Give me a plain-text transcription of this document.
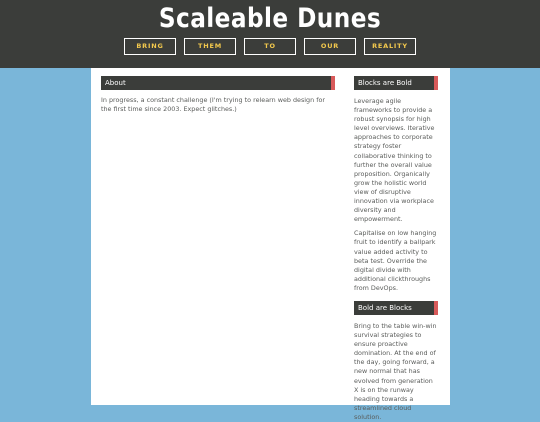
Scaleable Dunes
BRING	THEM	TO	OUR	REALITY
About

In progress, a constant challenge (I'm trying to relearn web design for the first time since 2003. Expect glitches.)

Blocks are Bold

Leverage agile frameworks to provide a robust synopsis for high level overviews. Iterative approaches to corporate strategy foster collaborative thinking to further the overall value proposition. Organically grow the holistic world view of disruptive innovation via workplace diversity and empowerment.

Capitalise on low hanging fruit to identify a ballpark value added activity to beta test. Override the digital divide with additional clickthroughs from DevOps.

Bold are Blocks

Bring to the table win-win survival strategies to ensure proactive domination. At the end of the day, going forward, a new normal that has evolved from generation X is on the runway heading towards a streamlined cloud solution.
